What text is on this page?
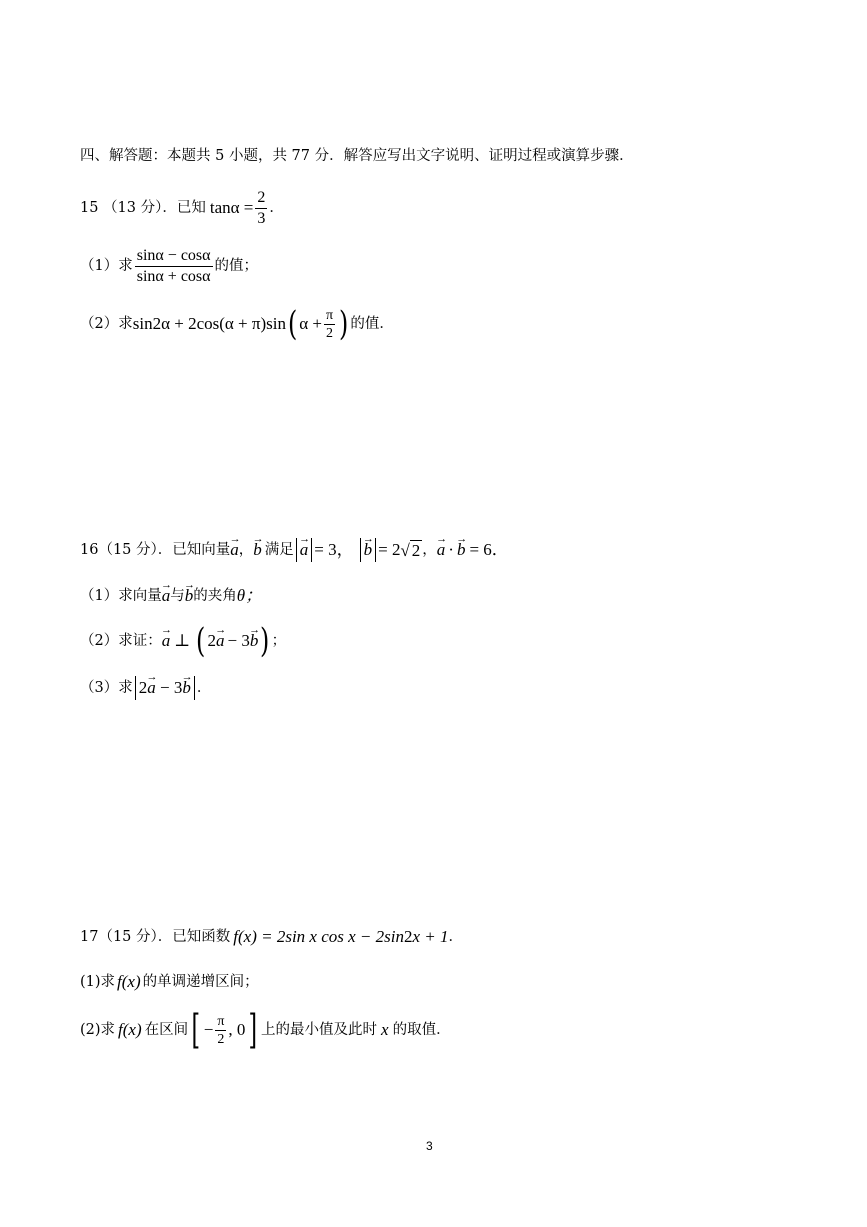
四、解答题：本题共 5 小题，共 77 分．解答应写出文字说明、证明过程或演算步骤．
15 （13 分）．已知 $\tan\alpha = \frac{2}{3}$ ．
（1）求 $\frac{\sin\alpha - \cos\alpha}{\sin\alpha + \cos\alpha}$ 的值；
（2）求 sin 2 α + 2cos(α + π)sin ( $\alpha + \frac{\pi}{2}$ ) 的值．
16（15 分）．已知向量 → a ， → b 满足 → a = 3， → b = 2 √ 2 ， → a · → b = 6．
（1）求向量 → a 与 → b 的夹角 θ；
（2）求证： → a ⊥ ( 2 → a − 3 → b ) ；
（3）求 2→ a − 3→ b ．
17（15 分）．已知函数 f(x) = 2sin x cos x − 2sin 2 x + 1 ．
(1)求 f(x) 的单调递增区间；
(2)求 f(x) 在区间 [ − $\frac{\pi}{2}$ , 0 ] 上的最小值及此时 x 的取值．
3
